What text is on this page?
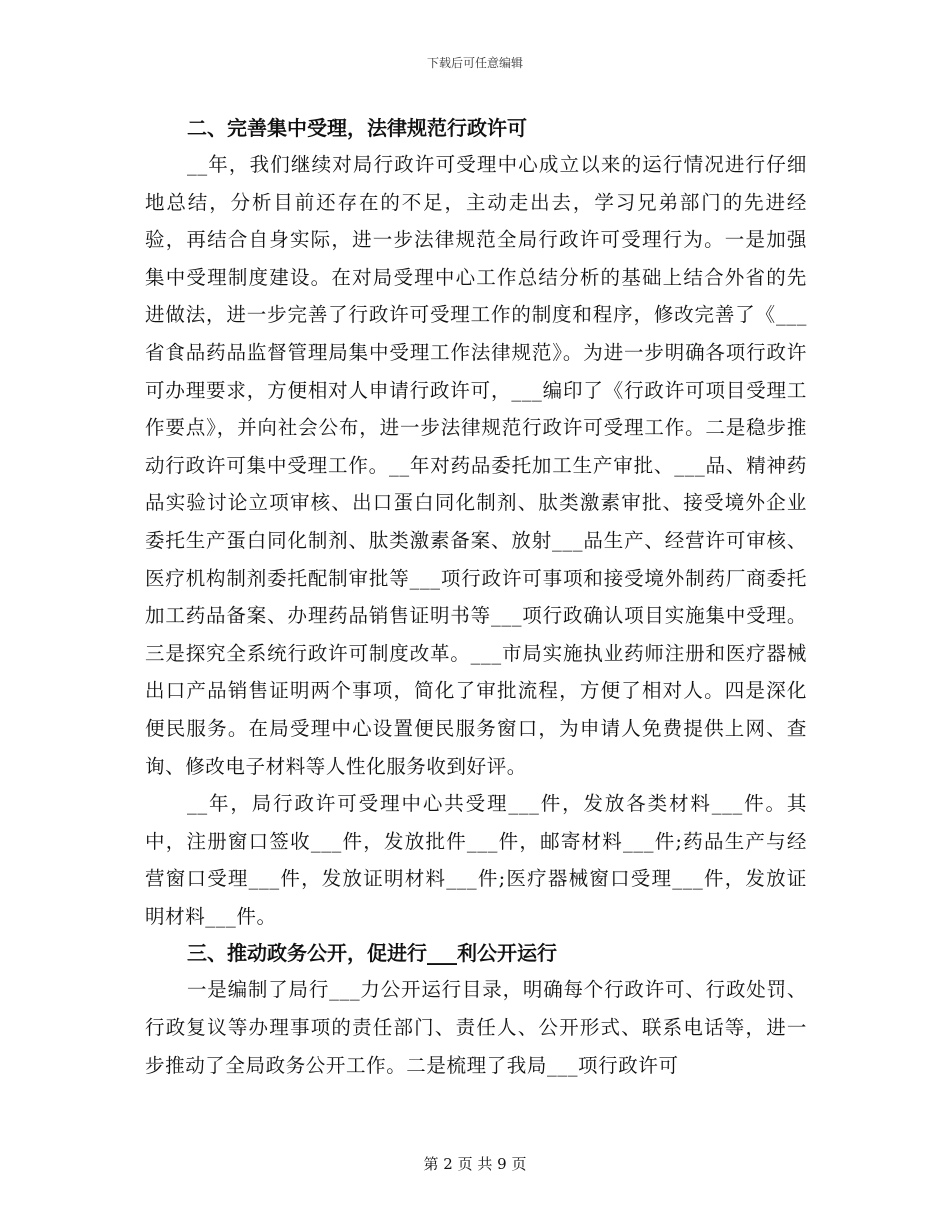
下载后可任意编辑
二、完善集中受理，法律规范行政许可

__年，我们继续对局行政许可受理中心成立以来的运行情况进行仔细地总结，分析目前还存在的不足，主动走出去，学习兄弟部门的先进经验，再结合自身实际，进一步法律规范全局行政许可受理行为。一是加强集中受理制度建设。在对局受理中心工作总结分析的基础上结合外省的先进做法，进一步完善了行政许可受理工作的制度和程序，修改完善了《___省食品药品监督管理局集中受理工作法律规范》。为进一步明确各项行政许可办理要求，方便相对人申请行政许可，___编印了《行政许可项目受理工作要点》，并向社会公布，进一步法律规范行政许可受理工作。二是稳步推动行政许可集中受理工作。__年对药品委托加工生产审批、___品、精神药品实验讨论立项审核、出口蛋白同化制剂、肽类激素审批、接受境外企业委托生产蛋白同化制剂、肽类激素备案、放射___品生产、经营许可审核、医疗机构制剂委托配制审批等___项行政许可事项和接受境外制药厂商委托加工药品备案、办理药品销售证明书等___项行政确认项目实施集中受理。三是探究全系统行政许可制度改革。___市局实施执业药师注册和医疗器械出口产品销售证明两个事项，简化了审批流程，方便了相对人。四是深化便民服务。在局受理中心设置便民服务窗口，为申请人免费提供上网、查询、修改电子材料等人性化服务收到好评。

__年，局行政许可受理中心共受理___件，发放各类材料___件。其中，注册窗口签收___件，发放批件___件，邮寄材料___件;药品生产与经营窗口受理___件，发放证明材料___件;医疗器械窗口受理___件，发放证明材料___件。

三、推动政务公开，促进行___利公开运行

一是编制了局行___力公开运行目录，明确每个行政许可、行政处罚、行政复议等办理事项的责任部门、责任人、公开形式、联系电话等，进一步推动了全局政务公开工作。二是梳理了我局___项行政许可

第 2 页 共 9 页
